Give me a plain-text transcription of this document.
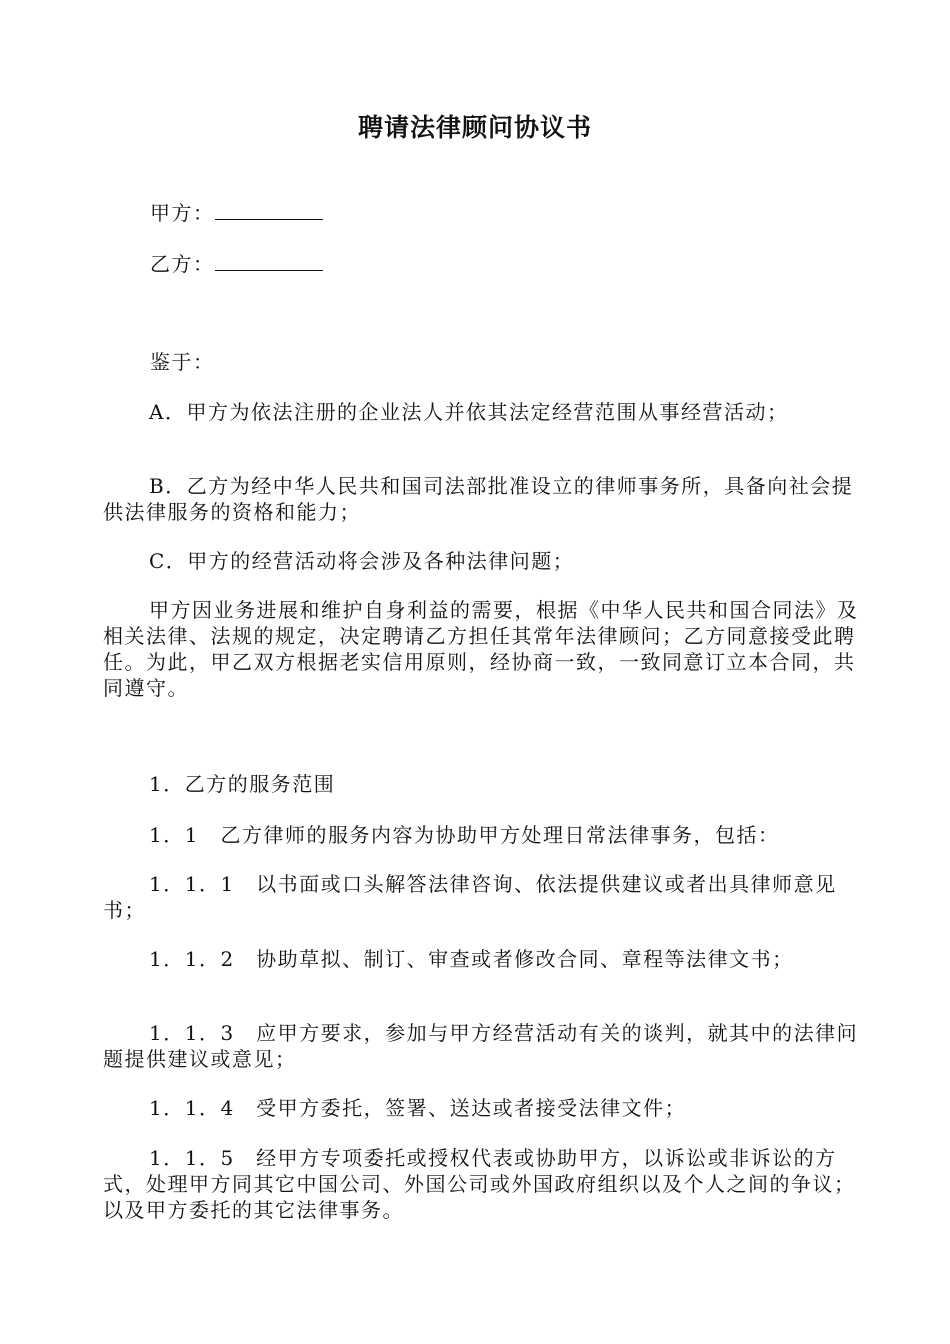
聘请法律顾问协议书

甲方：

乙方：

鉴于：

A．甲方为依法注册的企业法人并依其法定经营范围从事经营活动；

B．乙方为经中华人民共和国司法部批准设立的律师事务所，具备向社会提供法律服务的资格和能力；

C．甲方的经营活动将会涉及各种法律问题；

甲方因业务进展和维护自身利益的需要，根据《中华人民共和国合同法》及相关法律、法规的规定，决定聘请乙方担任其常年法律顾问；乙方同意接受此聘任。为此，甲乙双方根据老实信用原则，经协商一致，一致同意订立本合同，共同遵守。

1．乙方的服务范围

1．1　乙方律师的服务内容为协助甲方处理日常法律事务，包括：

1．1．1　以书面或口头解答法律咨询、依法提供建议或者出具律师意见书；

1．1．2　协助草拟、制订、审查或者修改合同、章程等法律文书；

1．1．3　应甲方要求，参加与甲方经营活动有关的谈判，就其中的法律问题提供建议或意见；

1．1．4　受甲方委托，签署、送达或者接受法律文件；

1．1．5　经甲方专项委托或授权代表或协助甲方，以诉讼或非诉讼的方式，处理甲方同其它中国公司、外国公司或外国政府组织以及个人之间的争议；以及甲方委托的其它法律事务。
